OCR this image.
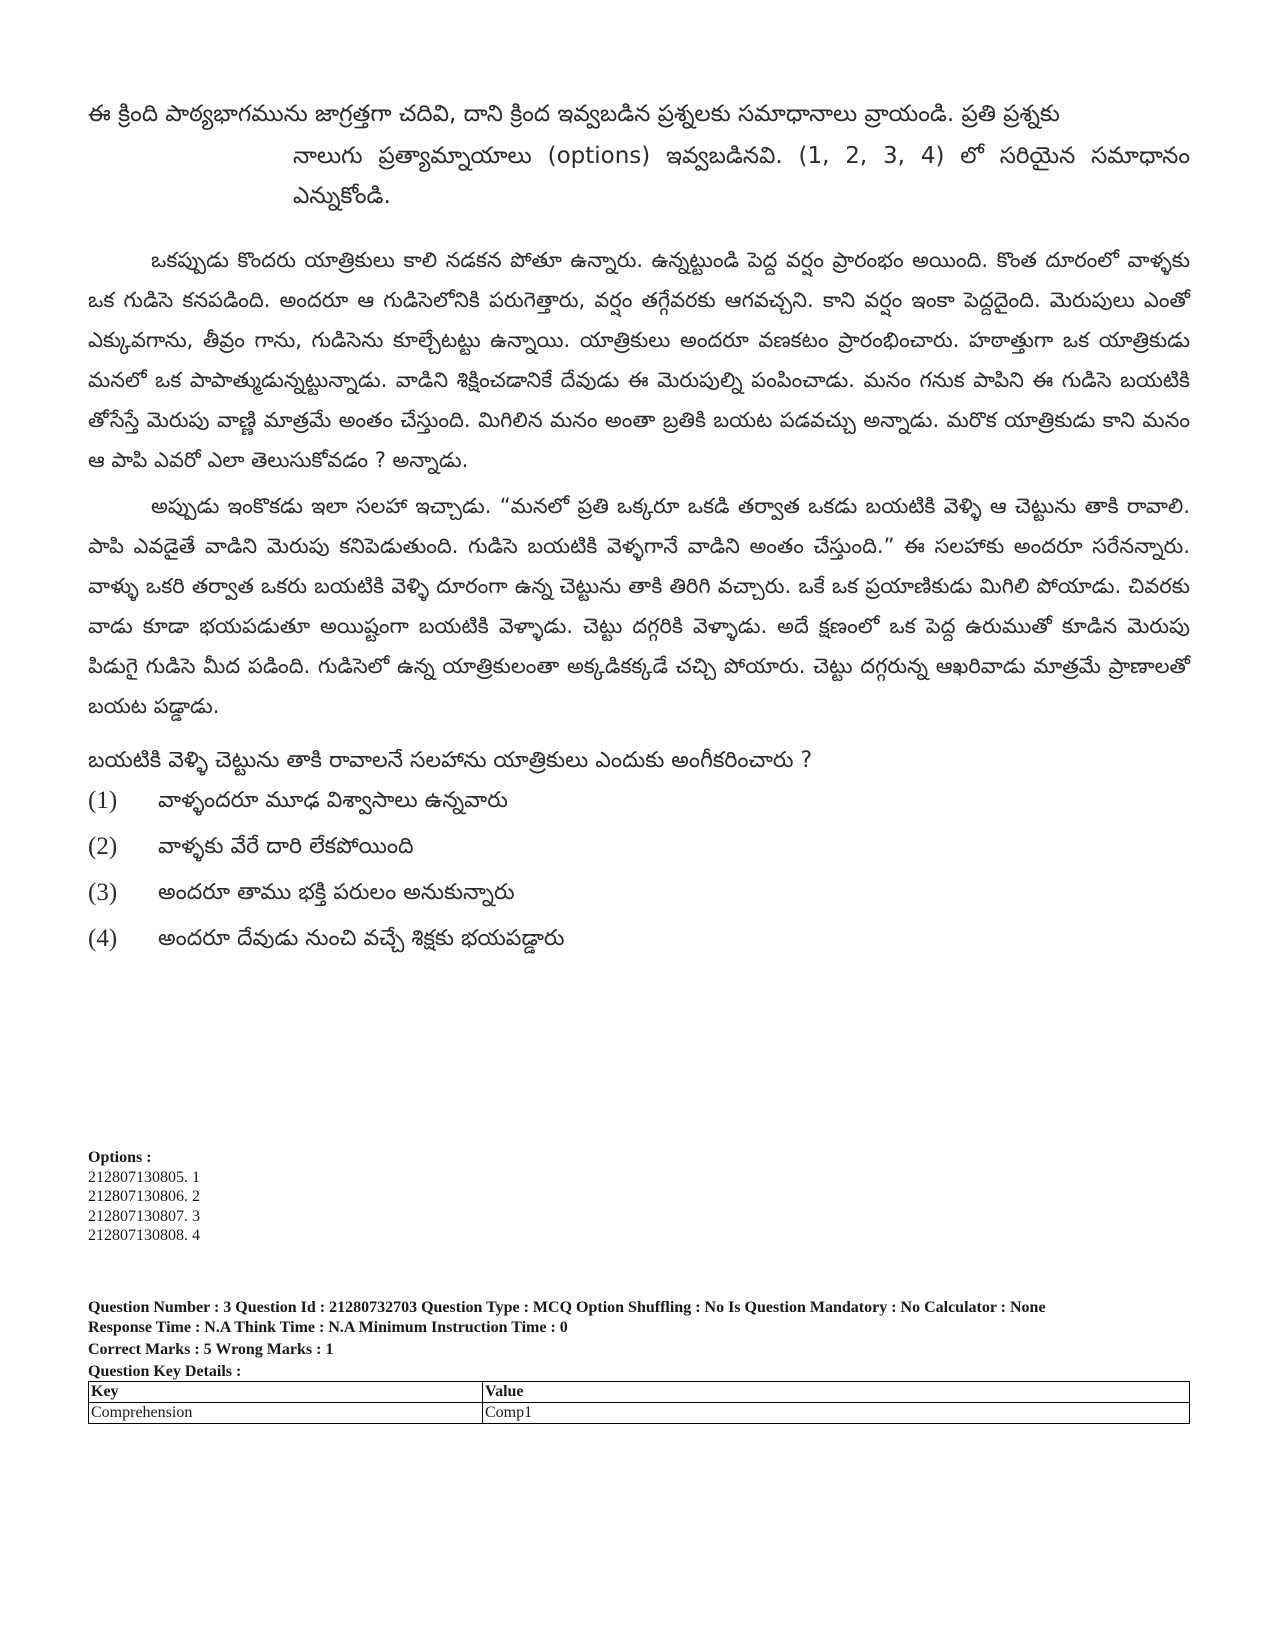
ఈ క్రింది పాఠ్యభాగమును జాగ్రత్తగా చదివి, దాని క్రింద ఇవ్వబడిన ప్రశ్నలకు సమాధానాలు వ్రాయండి. ప్రతి ప్రశ్నకు
నాలుగు ప్రత్యామ్నాయాలు (options) ఇవ్వబడినవి. (1, 2, 3, 4) లో సరియైన సమాధానం ఎన్నుకోండి.

ఒకప్పుడు కొందరు యాత్రికులు కాలి నడకన పోతూ ఉన్నారు. ఉన్నట్టుండి పెద్ద వర్షం ప్రారంభం అయింది. కొంత దూరంలో వాళ్ళకు ఒక గుడిసె కనపడింది. అందరూ ఆ గుడిసెలోనికి పరుగెత్తారు, వర్షం తగ్గేవరకు ఆగవచ్చని. కాని వర్షం ఇంకా పెద్దదైంది. మెరుపులు ఎంతో ఎక్కువగాను, తీవ్రం గాను, గుడిసెను కూల్చేటట్టు ఉన్నాయి. యాత్రికులు అందరూ వణకటం ప్రారంభించారు. హఠాత్తుగా ఒక యాత్రికుడు మనలో ఒక పాపాత్ముడున్నట్టున్నాడు. వాడిని శిక్షించడానికే దేవుడు ఈ మెరుపుల్ని పంపించాడు. మనం గనుక పాపిని ఈ గుడిసె బయటికి తోసేస్తే మెరుపు వాణ్ణి మాత్రమే అంతం చేస్తుంది. మిగిలిన మనం అంతా బ్రతికి బయట పడవచ్చు అన్నాడు. మరొక యాత్రికుడు కాని మనం ఆ పాపి ఎవరో ఎలా తెలుసుకోవడం ? అన్నాడు.

అప్పుడు ఇంకొకడు ఇలా సలహా ఇచ్చాడు. “మనలో ప్రతి ఒక్కరూ ఒకడి తర్వాత ఒకడు బయటికి వెళ్ళి ఆ చెట్టును తాకి రావాలి. పాపి ఎవడైతే వాడిని మెరుపు కనిపెడుతుంది. గుడిసె బయటికి వెళ్ళగానే వాడిని అంతం చేస్తుంది.” ఈ సలహాకు అందరూ సరేనన్నారు. వాళ్ళు ఒకరి తర్వాత ఒకరు బయటికి వెళ్ళి దూరంగా ఉన్న చెట్టును తాకి తిరిగి వచ్చారు. ఒకే ఒక ప్రయాణికుడు మిగిలి పోయాడు. చివరకు వాడు కూడా భయపడుతూ అయిష్టంగా బయటికి వెళ్ళాడు. చెట్టు దగ్గరికి వెళ్ళాడు. అదే క్షణంలో ఒక పెద్ద ఉరుముతో కూడిన మెరుపు పిడుగై గుడిసె మీద పడింది. గుడిసెలో ఉన్న యాత్రికులంతా అక్కడికక్కడే చచ్చి పోయారు. చెట్టు దగ్గరున్న ఆఖరివాడు మాత్రమే ప్రాణాలతో బయట పడ్డాడు.

బయటికి వెళ్ళి చెట్టును తాకి రావాలనే సలహాను యాత్రికులు ఎందుకు అంగీకరించారు ?
(1)	వాళ్ళందరూ మూఢ విశ్వాసాలు ఉన్నవారు
(2)	వాళ్ళకు వేరే దారి లేకపోయింది
(3)	అందరూ తాము భక్తి పరులం అనుకున్నారు
(4)	అందరూ దేవుడు నుంచి వచ్చే శిక్షకు భయపడ్డారు
Options :
212807130805. 1
212807130806. 2
212807130807. 3
212807130808. 4
Question Number : 3 Question Id : 21280732703 Question Type : MCQ Option Shuffling : No Is Question Mandatory : No Calculator : None
Response Time : N.A Think Time : N.A Minimum Instruction Time : 0
Correct Marks : 5 Wrong Marks : 1
Question Key Details :
Key	Value
Comprehension	Comp1
